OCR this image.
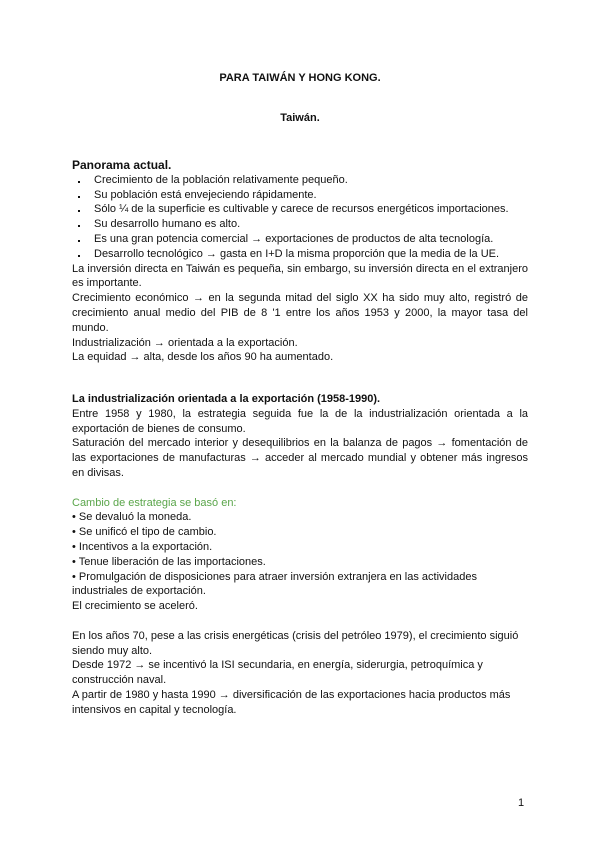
PARA TAIWÁN Y HONG KONG.
Taiwán.

Panorama actual.

Crecimiento de la población relativamente pequeño.
Su población está envejeciendo rápidamente.
Sólo ¼ de la superficie es cultivable y carece de recursos energéticos importaciones.
Su desarrollo humano es alto.
Es una gran potencia comercial → exportaciones de productos de alta tecnología.
Desarrollo tecnológico → gasta en I+D la misma proporción que la media de la UE.

La inversión directa en Taiwán es pequeña, sin embargo, su inversión directa en el extranjero es importante.

Crecimiento económico → en la segunda mitad del siglo XX ha sido muy alto, registró de crecimiento anual medio del PIB de 8 '1 entre los años 1953 y 2000, la mayor tasa del mundo.

Industrialización → orientada a la exportación.

La equidad → alta, desde los años 90 ha aumentado.

La industrialización orientada a la exportación (1958-1990).

Entre 1958 y 1980, la estrategia seguida fue la de la industrialización orientada a la exportación de bienes de consumo.

Saturación del mercado interior y desequilibrios en la balanza de pagos → fomentación de las exportaciones de manufacturas → acceder al mercado mundial y obtener más ingresos en divisas.

Cambio de estrategia se basó en:

• Se devaluó la moneda.

• Se unificó el tipo de cambio.

• Incentivos a la exportación.

• Tenue liberación de las importaciones.

• Promulgación de disposiciones para atraer inversión extranjera en las actividades industriales de exportación.

El crecimiento se aceleró.

En los años 70, pese a las crisis energéticas (crisis del petróleo 1979), el crecimiento siguió siendo muy alto.

Desde 1972 → se incentivó la ISI secundaria, en energía, siderurgia, petroquímica y construcción naval.

A partir de 1980 y hasta 1990 → diversificación de las exportaciones hacia productos más intensivos en capital y tecnología.

1
